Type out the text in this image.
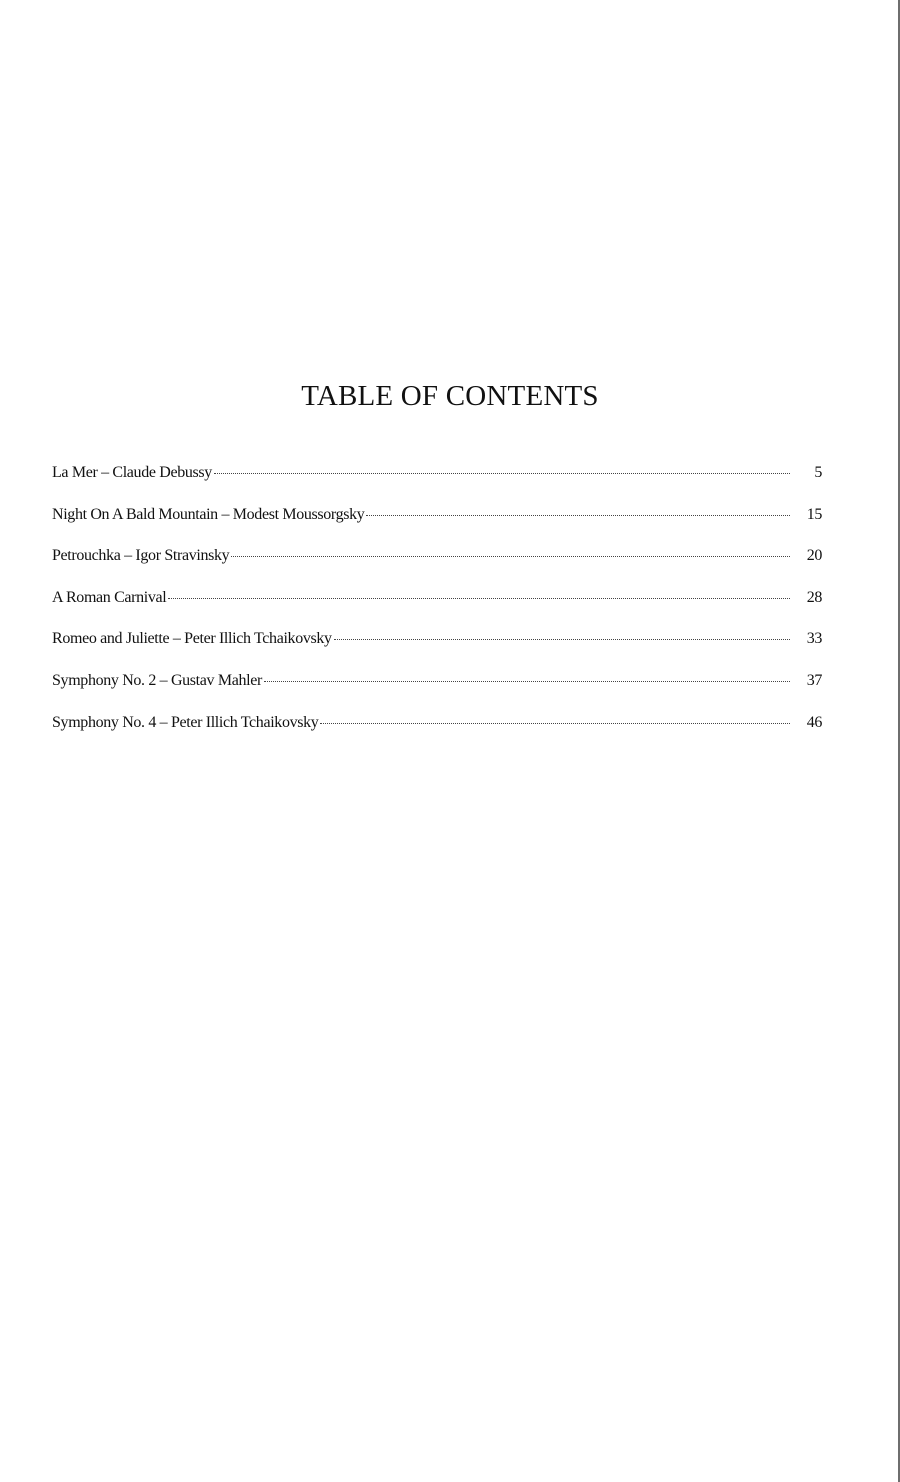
TABLE OF CONTENTS
La Mer – Claude Debussy	5
Night On A Bald Mountain – Modest Moussorgsky	15
Petrouchka – Igor Stravinsky	20
A Roman Carnival	28
Romeo and Juliette – Peter Illich Tchaikovsky	33
Symphony No. 2 – Gustav Mahler	37
Symphony No. 4 – Peter Illich Tchaikovsky	46
